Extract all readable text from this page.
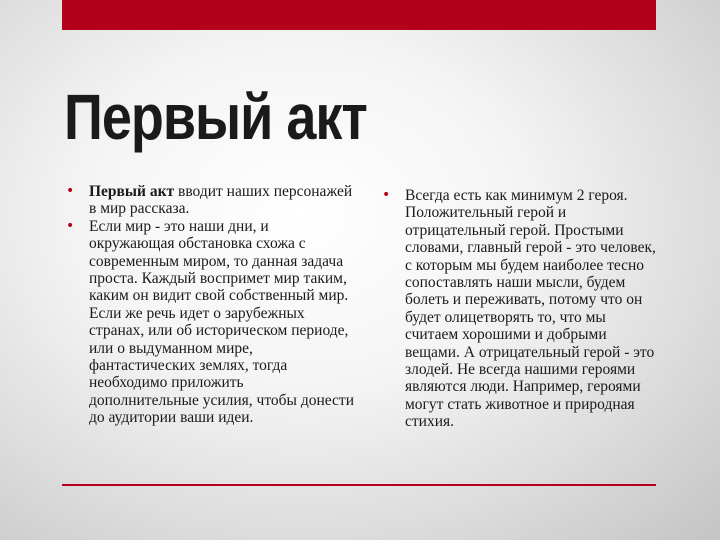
Первый акт
• Первый акт вводит наших персонажей в мир рассказа.
• Если мир - это наши дни, и окружающая обстановка схожа с современным миром, то данная задача проста. Каждый воспримет мир таким, каким он видит свой собственный мир. Если же речь идет о зарубежных странах, или об историческом периоде, или о выдуманном мире, фантастических землях, тогда необходимо приложить дополнительные усилия, чтобы донести до аудитории ваши идеи.
• Всегда есть как минимум 2 героя. Положительный герой и отрицательный герой. Простыми словами, главный герой - это человек, с которым мы будем наиболее тесно сопоставлять наши мысли, будем болеть и переживать, потому что он будет олицетворять то, что мы считаем хорошими и добрыми вещами. А отрицательный герой - это злодей. Не всегда нашими героями являются люди. Например, героями могут стать животное и природная стихия.
